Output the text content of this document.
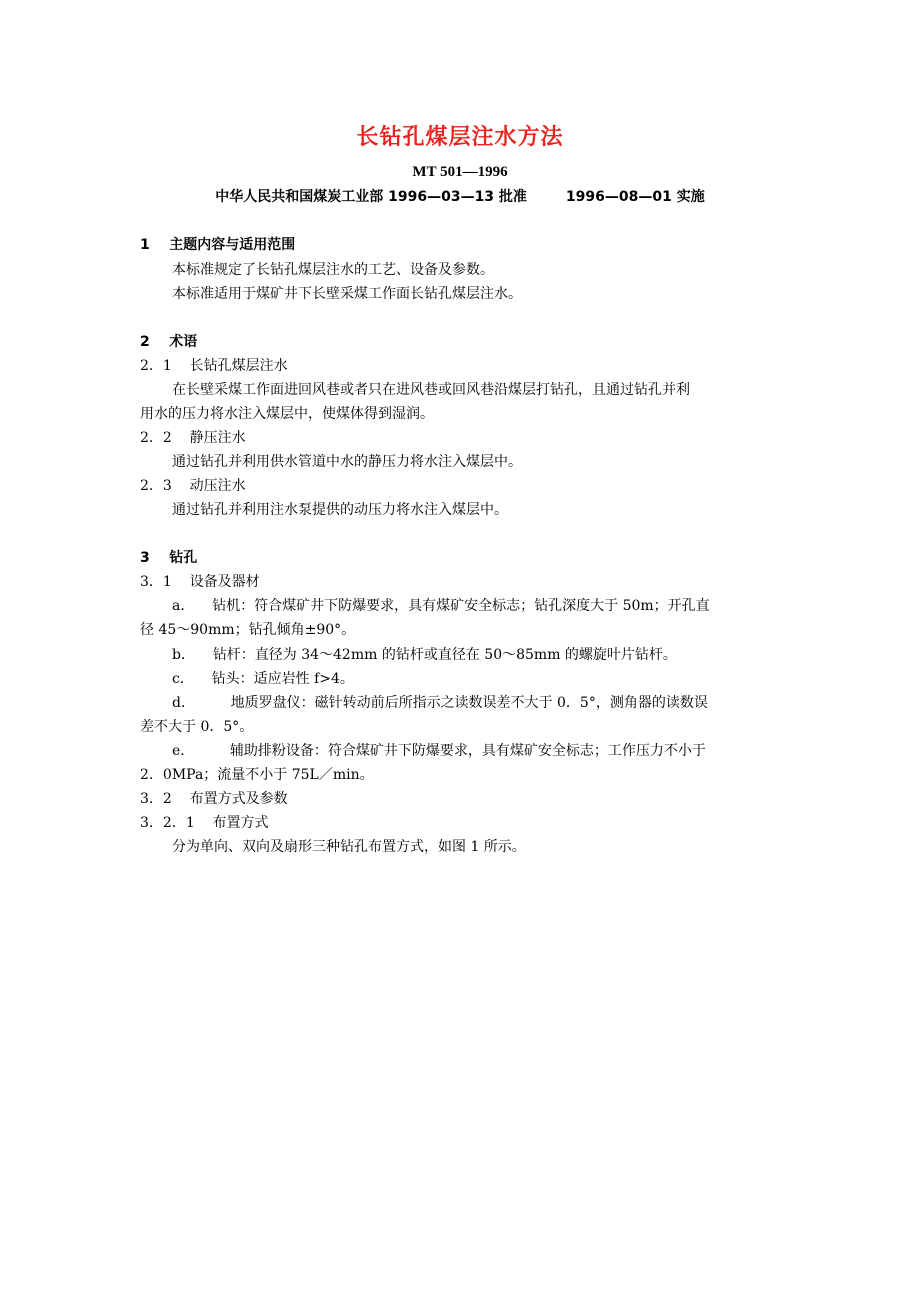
长钻孔煤层注水方法
MT 501—1996
中华人民共和国煤炭工业部 1996—03—13 批准        1996—08—01 实施
1    主题内容与适用范围
本标准规定了长钻孔煤层注水的工艺、设备及参数。
本标准适用于煤矿井下长壁采煤工作面长钻孔煤层注水。
2    术语
2．1    长钻孔煤层注水
在长壁采煤工作面进回风巷或者只在进风巷或回风巷沿煤层打钻孔，且通过钻孔并利
用水的压力将水注入煤层中，使煤体得到湿润。
2．2    静压注水
通过钻孔并利用供水管道中水的静压力将水注入煤层中。
2．3    动压注水
通过钻孔并利用注水泵提供的动压力将水注入煤层中。
3    钻孔
3．1    设备及器材
a．    钻机：符合煤矿井下防爆要求，具有煤矿安全标志；钻孔深度大于 50m；开孔直
径 45～90mm；钻孔倾角±90°。
b．    钻杆：直径为 34～42mm 的钻杆或直径在 50～85mm 的螺旋叶片钻杆。
c．    钻头：适应岩性 f>4。
d．        地质罗盘仪：磁针转动前后所指示之读数误差不大于 0．5°，测角器的读数误
差不大于 0．5°。
e．        辅助排粉设备：符合煤矿井下防爆要求，具有煤矿安全标志；工作压力不小于
2．0MPa；流量不小于 75L／min。
3．2    布置方式及参数
3．2．1    布置方式
分为单向、双向及扇形三种钻孔布置方式，如图 1 所示。
